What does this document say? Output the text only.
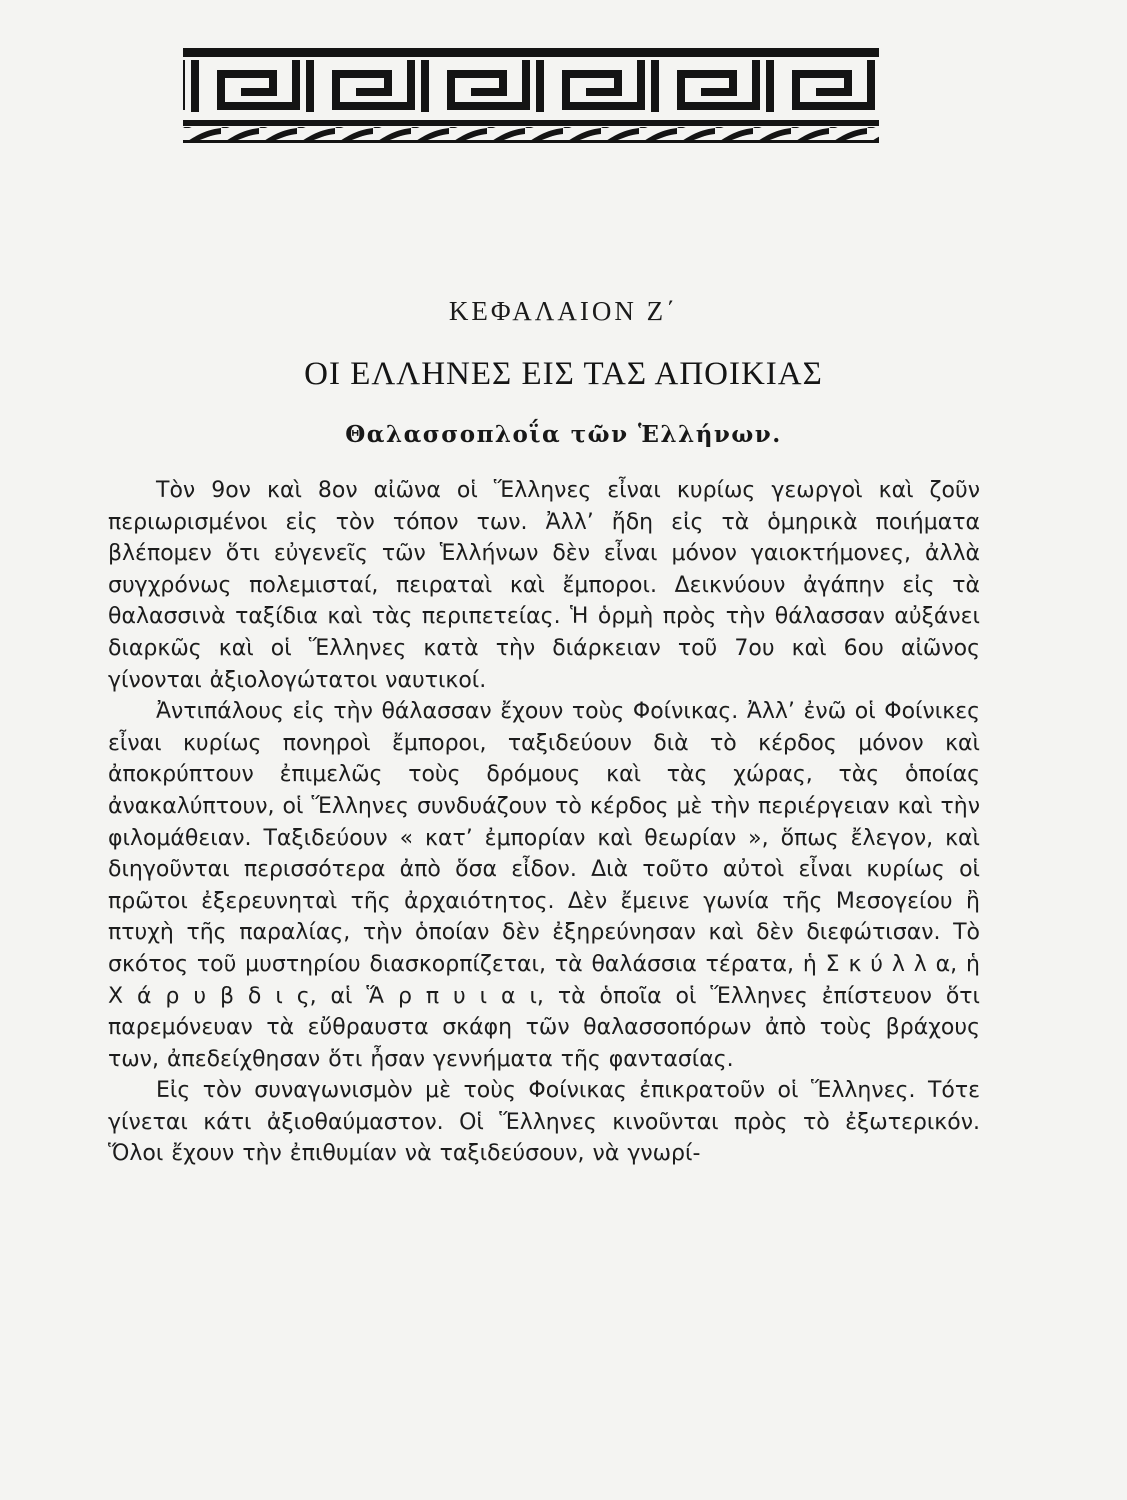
ΚΕΦΑΛΑΙΟΝ Ζ΄
ΟΙ ΕΛΛΗΝΕΣ ΕΙΣ ΤΑΣ ΑΠΟΙΚΙΑΣ
Θαλασσοπλοΐα τῶν Ἑλλήνων.

Τὸν 9ον καὶ 8ον αἰῶνα οἱ Ἕλληνες εἶναι κυρίως γεωργοὶ καὶ ζοῦν περιωρισμένοι εἰς τὸν τόπον των. Ἀλλ’ ἤδη εἰς τὰ ὁμηρικὰ ποιήματα βλέπομεν ὅτι εὐγενεῖς τῶν Ἑλλήνων δὲν εἶναι μόνον γαιοκτήμονες, ἀλλὰ συγχρόνως πολεμισταί, πειραταὶ καὶ ἔμποροι. Δεικνύουν ἀγάπην εἰς τὰ θαλασσινὰ ταξίδια καὶ τὰς περιπετείας. Ἡ ὁρμὴ πρὸς τὴν θάλασσαν αὐξάνει διαρκῶς καὶ οἱ Ἕλληνες κατὰ τὴν διάρκειαν τοῦ 7ου καὶ 6ου αἰῶνος γίνονται ἀξιολογώτατοι ναυτικοί.

Ἀντιπάλους εἰς τὴν θάλασσαν ἔχουν τοὺς Φοίνικας. Ἀλλ’ ἐνῶ οἱ Φοίνικες εἶναι κυρίως πονηροὶ ἔμποροι, ταξιδεύουν διὰ τὸ κέρδος μόνον καὶ ἀποκρύπτουν ἐπιμελῶς τοὺς δρόμους καὶ τὰς χώρας, τὰς ὁποίας ἀνακαλύπτουν, οἱ Ἕλληνες συνδυάζουν τὸ κέρδος μὲ τὴν περιέργειαν καὶ τὴν φιλομάθειαν. Ταξιδεύουν « κατ’ ἐμπορίαν καὶ θεωρίαν », ὅπως ἔλεγον, καὶ διηγοῦνται περισσότερα ἀπὸ ὅσα εἶδον. Διὰ τοῦτο αὐτοὶ εἶναι κυρίως οἱ πρῶτοι ἐξερευνηταὶ τῆς ἀρχαιότητος. Δὲν ἔμεινε γωνία τῆς Μεσογείου ἢ πτυχὴ τῆς παραλίας, τὴν ὁποίαν δὲν ἐξηρεύνησαν καὶ δὲν διεφώτισαν. Τὸ σκότος τοῦ μυστηρίου διασκορπίζεται, τὰ θαλάσσια τέρατα, ἡ Σ κ ύ λ λ α, ἡ Χ ά ρ υ β δ ι ς, αἱ Ἅ ρ π υ ι α ι, τὰ ὁποῖα οἱ Ἕλληνες ἐπίστευον ὅτι παρεμόνευαν τὰ εὔθραυστα σκάφη τῶν θαλασσοπόρων ἀπὸ τοὺς βράχους των, ἀπεδείχθησαν ὅτι ἦσαν γεννήματα τῆς φαντασίας.

Εἰς τὸν συναγωνισμὸν μὲ τοὺς Φοίνικας ἐπικρατοῦν οἱ Ἕλληνες. Τότε γίνεται κάτι ἀξιοθαύμαστον. Οἱ Ἕλληνες κινοῦνται πρὸς τὸ ἐξωτερικόν. Ὅλοι ἔχουν τὴν ἐπιθυμίαν νὰ ταξιδεύσουν, νὰ γνωρί-
